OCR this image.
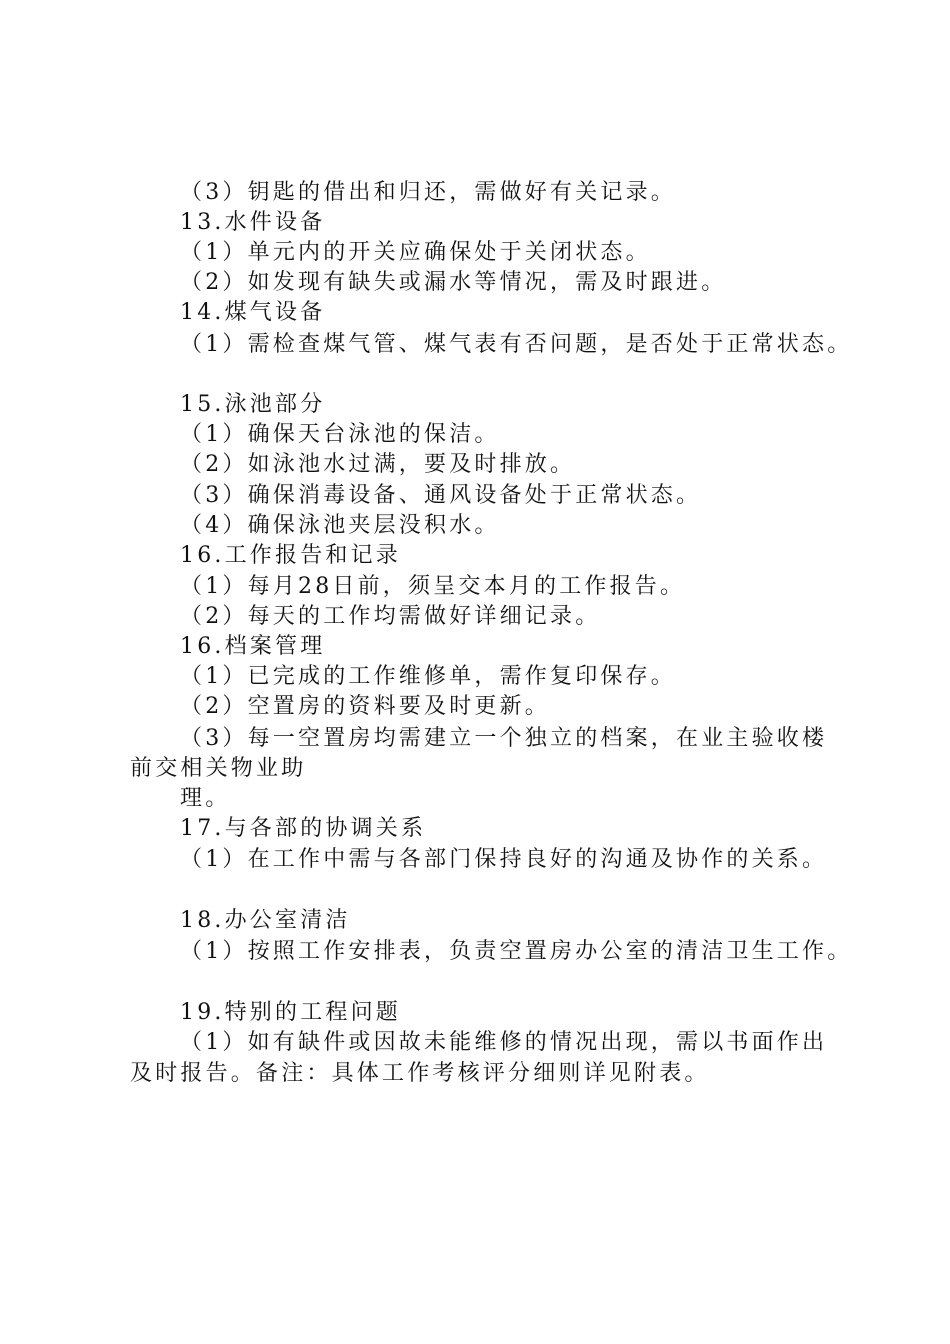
（3）钥匙的借出和归还，需做好有关记录。
13.水件设备
（1）单元内的开关应确保处于关闭状态。
（2）如发现有缺失或漏水等情况，需及时跟进。
14.煤气设备
（1）需检查煤气管、煤气表有否问题，是否处于正常状态。
15.泳池部分
（1）确保天台泳池的保洁。
（2）如泳池水过满，要及时排放。
（3）确保消毒设备、通风设备处于正常状态。
（4）确保泳池夹层没积水。
16.工作报告和记录
（1）每月28日前，须呈交本月的工作报告。
（2）每天的工作均需做好详细记录。
16.档案管理
（1）已完成的工作维修单，需作复印保存。
（2）空置房的资料要及时更新。
（3）每一空置房均需建立一个独立的档案，在业主验收楼
前交相关物业助
理。
17.与各部的协调关系
（1）在工作中需与各部门保持良好的沟通及协作的关系。
18.办公室清洁
（1）按照工作安排表，负责空置房办公室的清洁卫生工作。
19.特别的工程问题
（1）如有缺件或因故未能维修的情况出现，需以书面作出
及时报告。备注：具体工作考核评分细则详见附表。
